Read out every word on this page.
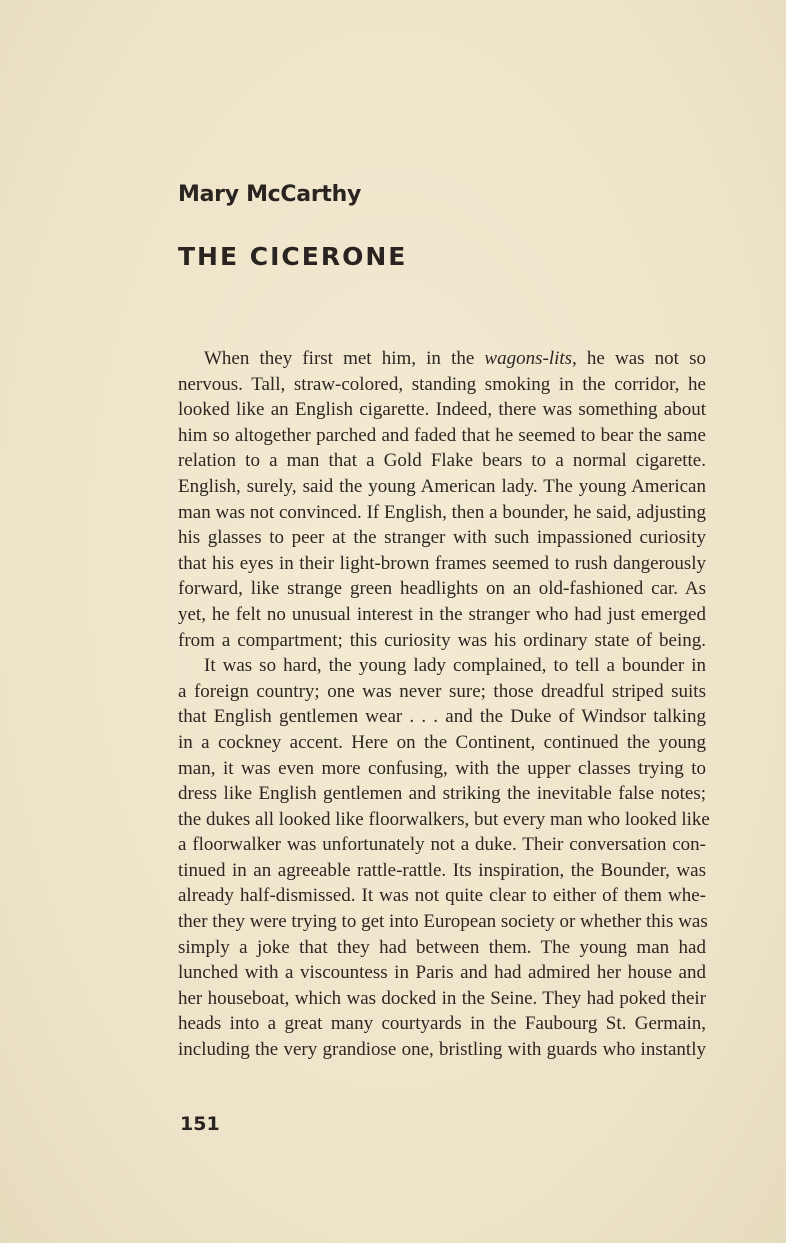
Mary McCarthy
THE CICERONE
When they first met him, in the wagons-lits, he was not so
nervous. Tall, straw-colored, standing smoking in the corridor, he
looked like an English cigarette. Indeed, there was something about
him so altogether parched and faded that he seemed to bear the same
relation to a man that a Gold Flake bears to a normal cigarette.
English, surely, said the young American lady. The young American
man was not convinced. If English, then a bounder, he said, adjusting
his glasses to peer at the stranger with such impassioned curiosity
that his eyes in their light-brown frames seemed to rush dangerously
forward, like strange green headlights on an old-fashioned car. As
yet, he felt no unusual interest in the stranger who had just emerged
from a compartment; this curiosity was his ordinary state of being.
It was so hard, the young lady complained, to tell a bounder in
a foreign country; one was never sure; those dreadful striped suits
that English gentlemen wear . . . and the Duke of Windsor talking
in a cockney accent. Here on the Continent, continued the young
man, it was even more confusing, with the upper classes trying to
dress like English gentlemen and striking the inevitable false notes;
the dukes all looked like floorwalkers, but every man who looked like
a floorwalker was unfortunately not a duke. Their conversation con-
tinued in an agreeable rattle-rattle. Its inspiration, the Bounder, was
already half-dismissed. It was not quite clear to either of them whe-
ther they were trying to get into European society or whether this was
simply a joke that they had between them. The young man had
lunched with a viscountess in Paris and had admired her house and
her houseboat, which was docked in the Seine. They had poked their
heads into a great many courtyards in the Faubourg St. Germain,
including the very grandiose one, bristling with guards who instantly
151
